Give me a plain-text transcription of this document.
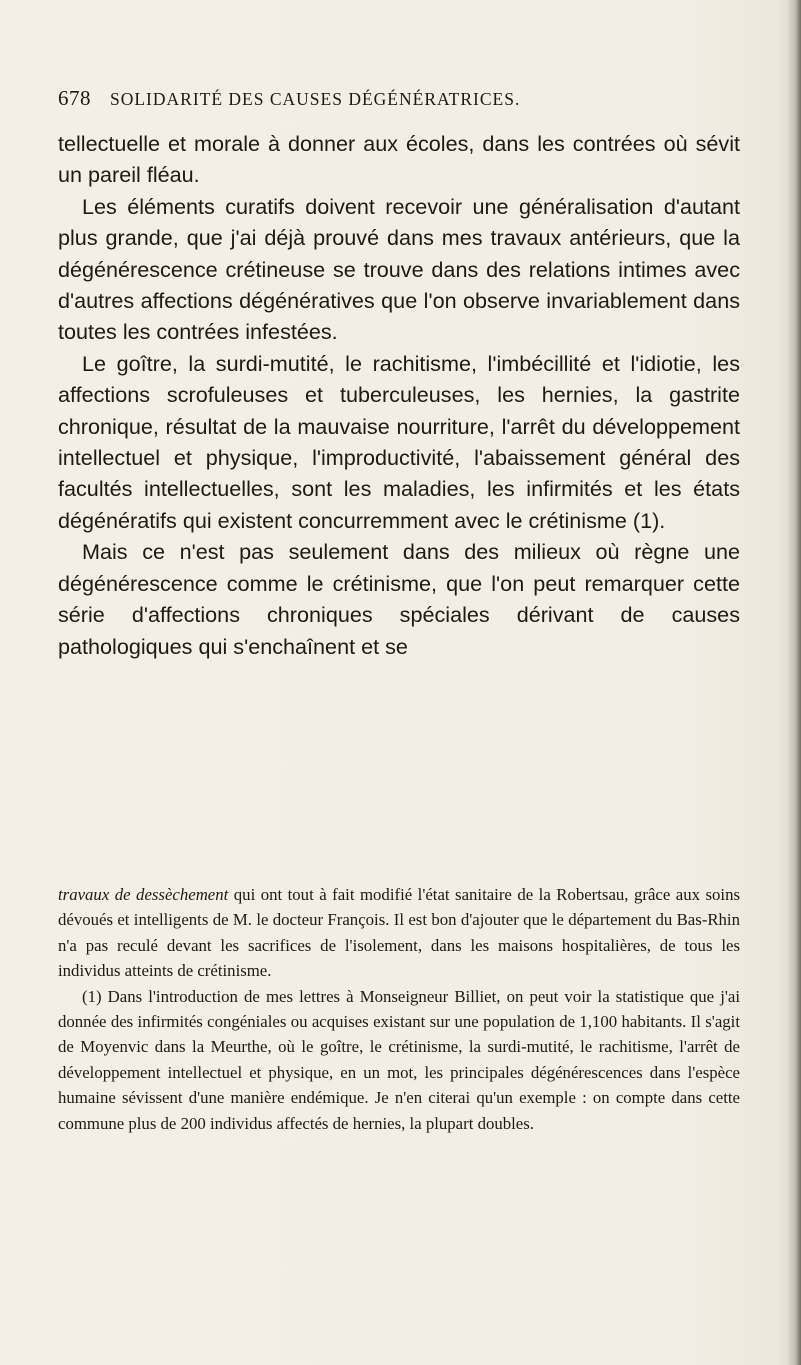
678 SOLIDARITÉ DES CAUSES DÉGÉNÉRATRICES.

tellectuelle et morale à donner aux écoles, dans les contrées où sévit un pareil fléau.

Les éléments curatifs doivent recevoir une généralisation d'autant plus grande, que j'ai déjà prouvé dans mes travaux antérieurs, que la dégénérescence crétineuse se trouve dans des relations intimes avec d'autres affections dégénératives que l'on observe invariablement dans toutes les contrées infestées.

Le goître, la surdi-mutité, le rachitisme, l'imbécillité et l'idiotie, les affections scrofuleuses et tuberculeuses, les hernies, la gastrite chronique, résultat de la mauvaise nourriture, l'arrêt du développement intellectuel et physique, l'improductivité, l'abaissement général des facultés intellectuelles, sont les maladies, les infirmités et les états dégénératifs qui existent concurremment avec le crétinisme (1).

Mais ce n'est pas seulement dans des milieux où règne une dégénérescence comme le crétinisme, que l'on peut remarquer cette série d'affections chroniques spéciales dérivant de causes pathologiques qui s'enchaînent et se

travaux de dessèchement qui ont tout à fait modifié l'état sanitaire de la Robertsau, grâce aux soins dévoués et intelligents de M. le docteur François. Il est bon d'ajouter que le département du Bas-Rhin n'a pas reculé devant les sacrifices de l'isolement, dans les maisons hospitalières, de tous les individus atteints de crétinisme.

(1) Dans l'introduction de mes lettres à Monseigneur Billiet, on peut voir la statistique que j'ai donnée des infirmités congéniales ou acquises existant sur une population de 1,100 habitants. Il s'agit de Moyenvic dans la Meurthe, où le goître, le crétinisme, la surdi-mutité, le rachitisme, l'arrêt de développement intellectuel et physique, en un mot, les principales dégénérescences dans l'espèce humaine sévissent d'une manière endémique. Je n'en citerai qu'un exemple : on compte dans cette commune plus de 200 individus affectés de hernies, la plupart doubles.
